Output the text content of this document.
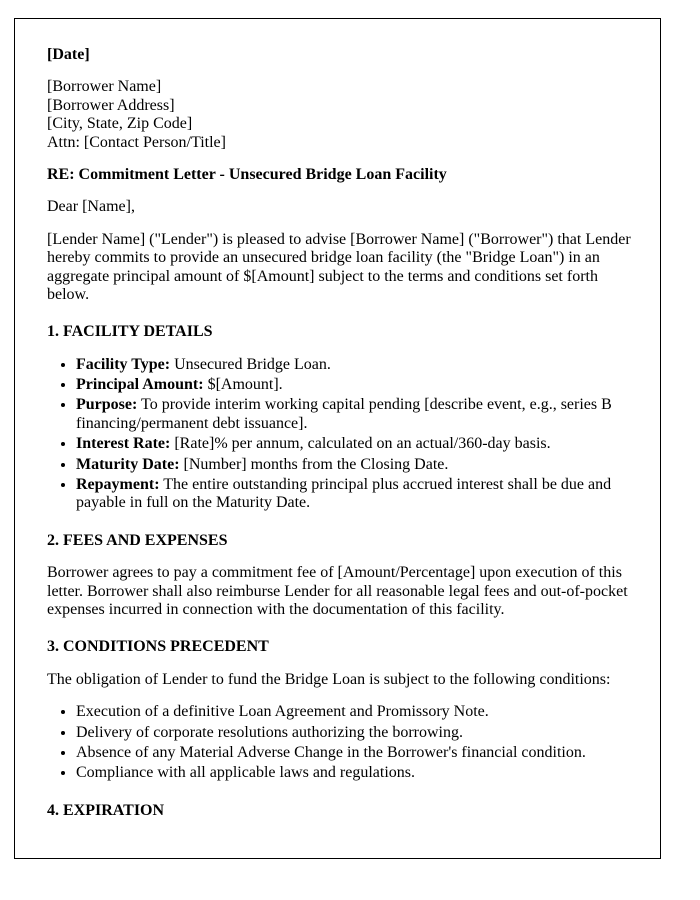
[Date]

[Borrower Name]
[Borrower Address]
[City, State, Zip Code]
Attn: [Contact Person/Title]

RE: Commitment Letter - Unsecured Bridge Loan Facility

Dear [Name],

[Lender Name] ("Lender") is pleased to advise [Borrower Name] ("Borrower") that Lender hereby commits to provide an unsecured bridge loan facility (the "Bridge Loan") in an aggregate principal amount of $[Amount] subject to the terms and conditions set forth below.

1. FACILITY DETAILS
• Facility Type: Unsecured Bridge Loan.
• Principal Amount: $[Amount].
• Purpose: To provide interim working capital pending [describe event, e.g., series B financing/permanent debt issuance].
• Interest Rate: [Rate]% per annum, calculated on an actual/360-day basis.
• Maturity Date: [Number] months from the Closing Date.
• Repayment: The entire outstanding principal plus accrued interest shall be due and payable in full on the Maturity Date.
2. FEES AND EXPENSES

Borrower agrees to pay a commitment fee of [Amount/Percentage] upon execution of this letter. Borrower shall also reimburse Lender for all reasonable legal fees and out-of-pocket expenses incurred in connection with the documentation of this facility.

3. CONDITIONS PRECEDENT

The obligation of Lender to fund the Bridge Loan is subject to the following conditions:

• Execution of a definitive Loan Agreement and Promissory Note.
• Delivery of corporate resolutions authorizing the borrowing.
• Absence of any Material Adverse Change in the Borrower's financial condition.
• Compliance with all applicable laws and regulations.
4. EXPIRATION
